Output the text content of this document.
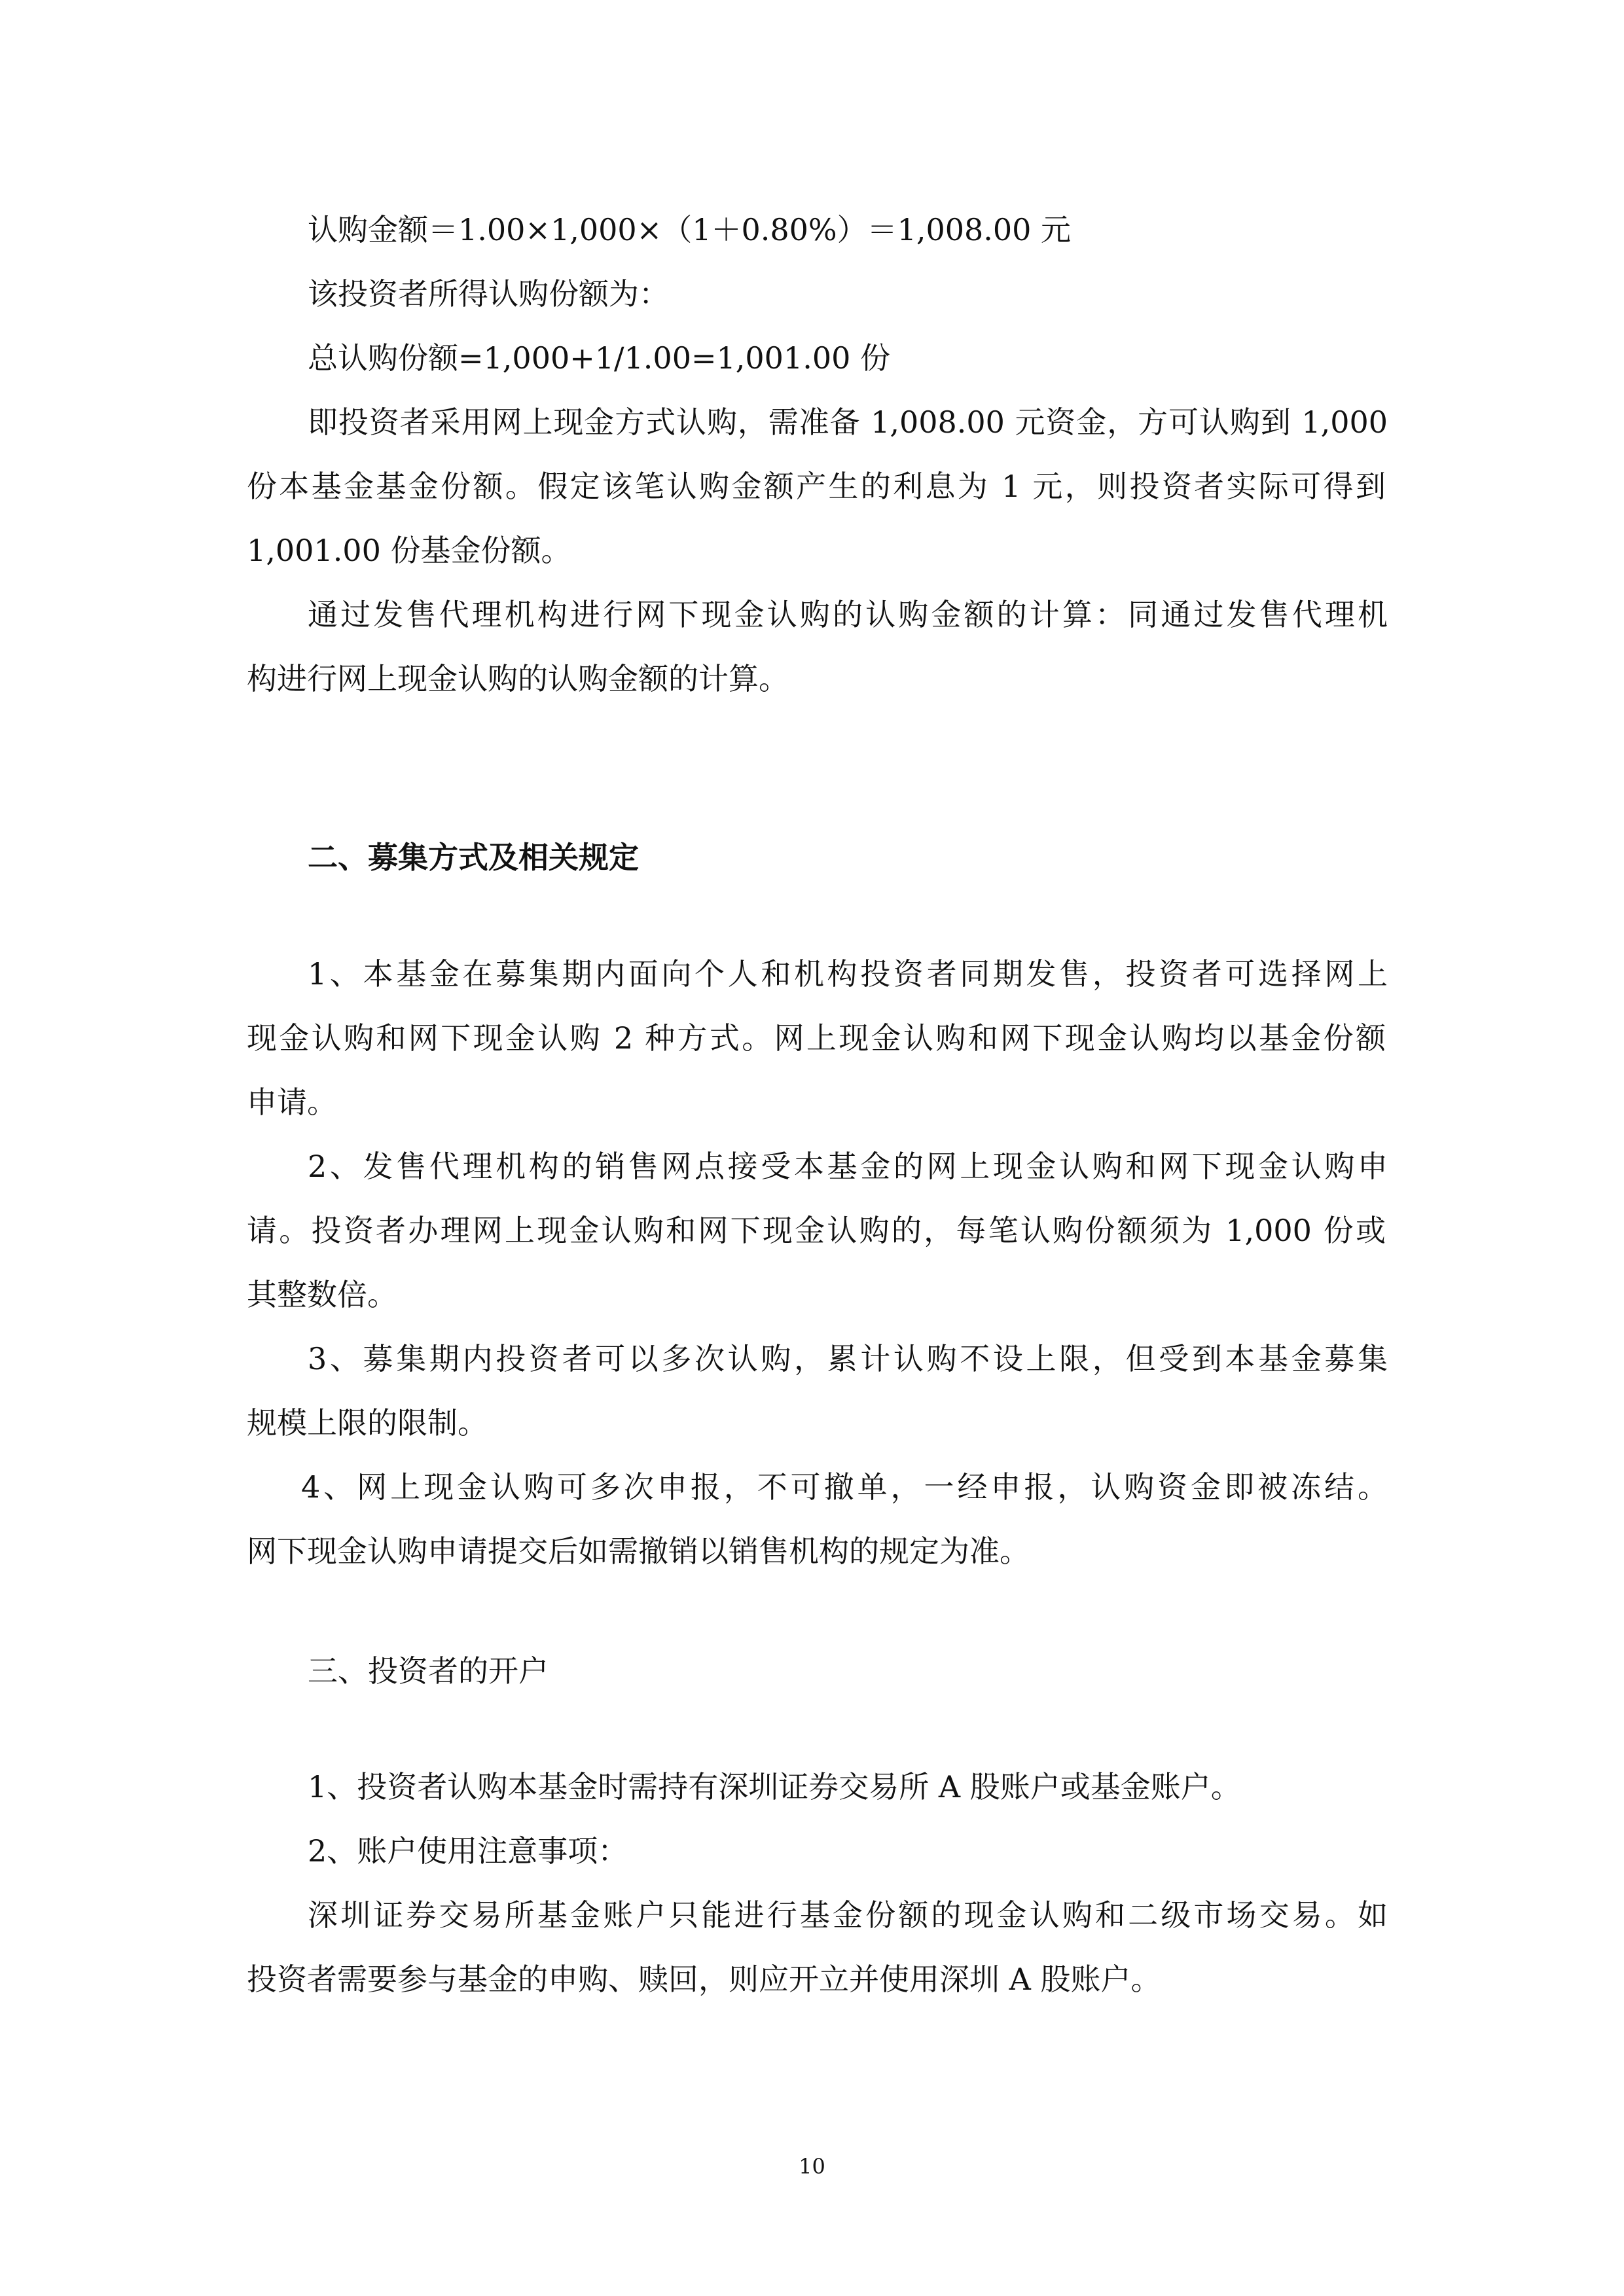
认购金额＝1.00×1,000×（1＋0.80%）＝1,008.00 元

该投资者所得认购份额为：

总认购份额=1,000+1/1.00=1,001.00 份

即投资者采用网上现金方式认购，需准备 1,008.00 元资金，方可认购到 1,000

份本基金基金份额。假定该笔认购金额产生的利息为 1 元，则投资者实际可得到

1,001.00 份基金份额。

通过发售代理机构进行网下现金认购的认购金额的计算：同通过发售代理机

构进行网上现金认购的认购金额的计算。

二、募集方式及相关规定

1、本基金在募集期内面向个人和机构投资者同期发售，投资者可选择网上

现金认购和网下现金认购 2 种方式。网上现金认购和网下现金认购均以基金份额

申请。

2、发售代理机构的销售网点接受本基金的网上现金认购和网下现金认购申

请。投资者办理网上现金认购和网下现金认购的，每笔认购份额须为 1,000 份或

其整数倍。

3、募集期内投资者可以多次认购，累计认购不设上限，但受到本基金募集

规模上限的限制。

4、网上现金认购可多次申报，不可撤单，一经申报，认购资金即被冻结。

网下现金认购申请提交后如需撤销以销售机构的规定为准。

三、投资者的开户

1、投资者认购本基金时需持有深圳证券交易所 A 股账户或基金账户。

2、账户使用注意事项：

深圳证券交易所基金账户只能进行基金份额的现金认购和二级市场交易。如

投资者需要参与基金的申购、赎回，则应开立并使用深圳 A 股账户。

10
